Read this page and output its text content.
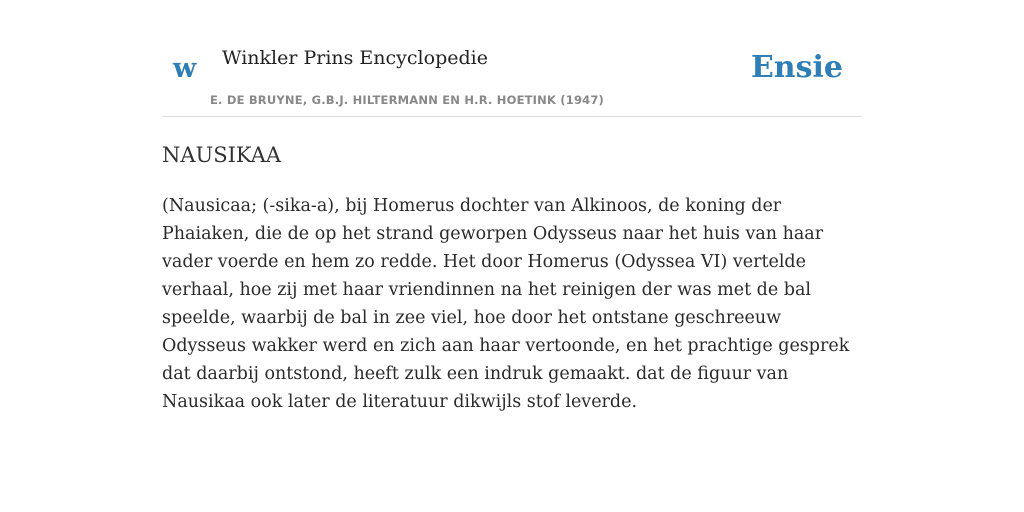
w Winkler Prins Encyclopedie
E. DE BRUYNE, G.B.J. HILTERMANN EN H.R. HOETINK (1947)
Ensie
NAUSIKAA

(Nausicaa; (-sika-a), bij Homerus dochter van Alkinoos, de koning der Phaiaken, die de op het strand geworpen Odysseus naar het huis van haar vader voerde en hem zo redde. Het door Homerus (Odyssea VI) vertelde verhaal, hoe zij met haar vriendinnen na het reinigen der was met de bal speelde, waarbij de bal in zee viel, hoe door het ontstane geschreeuw Odysseus wakker werd en zich aan haar vertoonde, en het prachtige gesprek dat daarbij ontstond, heeft zulk een indruk gemaakt. dat de figuur van Nausikaa ook later de literatuur dikwijls stof leverde.
